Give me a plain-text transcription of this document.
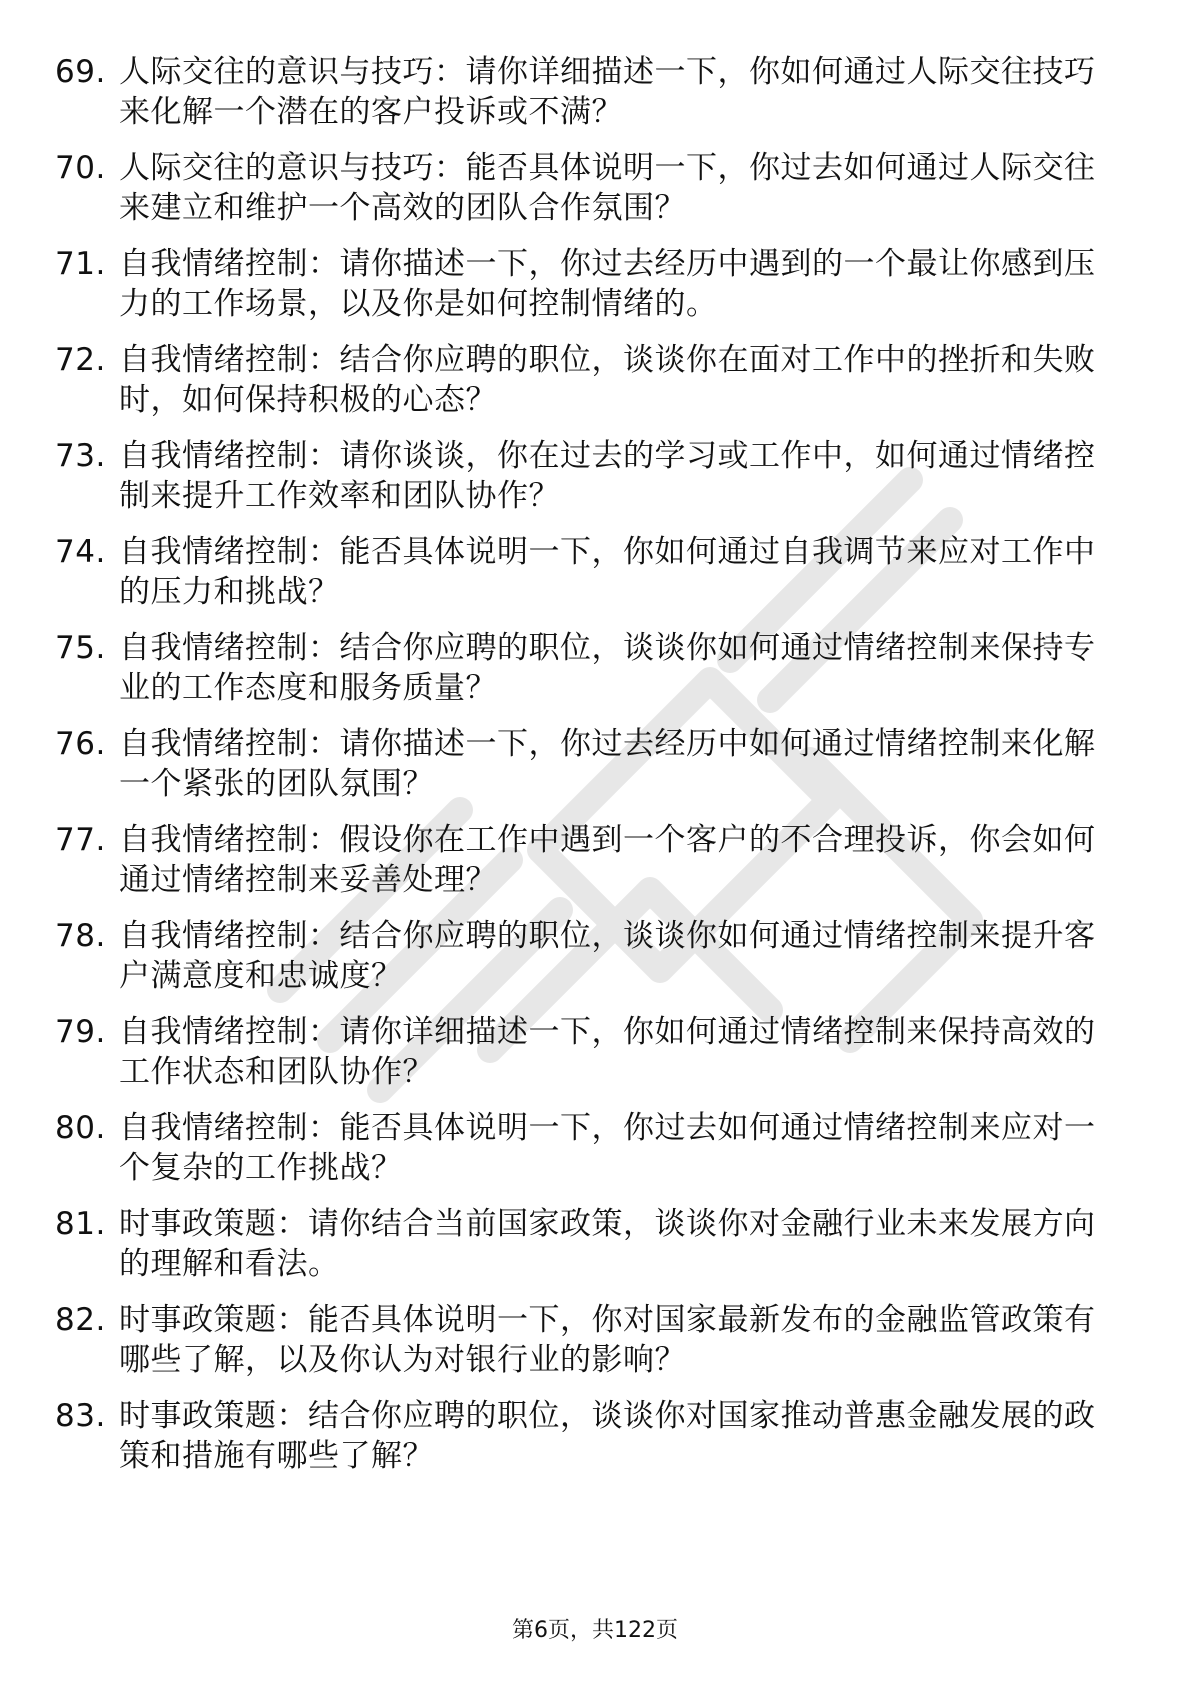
69. 人际交往的意识与技巧：请你详细描述一下，你如何通过人际交往技巧来化解一个潜在的客户投诉或不满？
70. 人际交往的意识与技巧：能否具体说明一下，你过去如何通过人际交往来建立和维护一个高效的团队合作氛围？
71. 自我情绪控制：请你描述一下，你过去经历中遇到的一个最让你感到压力的工作场景，以及你是如何控制情绪的。
72. 自我情绪控制：结合你应聘的职位，谈谈你在面对工作中的挫折和失败时，如何保持积极的心态？
73. 自我情绪控制：请你谈谈，你在过去的学习或工作中，如何通过情绪控制来提升工作效率和团队协作？
74. 自我情绪控制：能否具体说明一下，你如何通过自我调节来应对工作中的压力和挑战？
75. 自我情绪控制：结合你应聘的职位，谈谈你如何通过情绪控制来保持专业的工作态度和服务质量？
76. 自我情绪控制：请你描述一下，你过去经历中如何通过情绪控制来化解一个紧张的团队氛围？
77. 自我情绪控制：假设你在工作中遇到一个客户的不合理投诉，你会如何通过情绪控制来妥善处理？
78. 自我情绪控制：结合你应聘的职位，谈谈你如何通过情绪控制来提升客户满意度和忠诚度？
79. 自我情绪控制：请你详细描述一下，你如何通过情绪控制来保持高效的工作状态和团队协作？
80. 自我情绪控制：能否具体说明一下，你过去如何通过情绪控制来应对一个复杂的工作挑战？
81. 时事政策题：请你结合当前国家政策，谈谈你对金融行业未来发展方向的理解和看法。
82. 时事政策题：能否具体说明一下，你对国家最新发布的金融监管政策有哪些了解，以及你认为对银行业的影响？
83. 时事政策题：结合你应聘的职位，谈谈你对国家推动普惠金融发展的政策和措施有哪些了解？
第6页，共122页
